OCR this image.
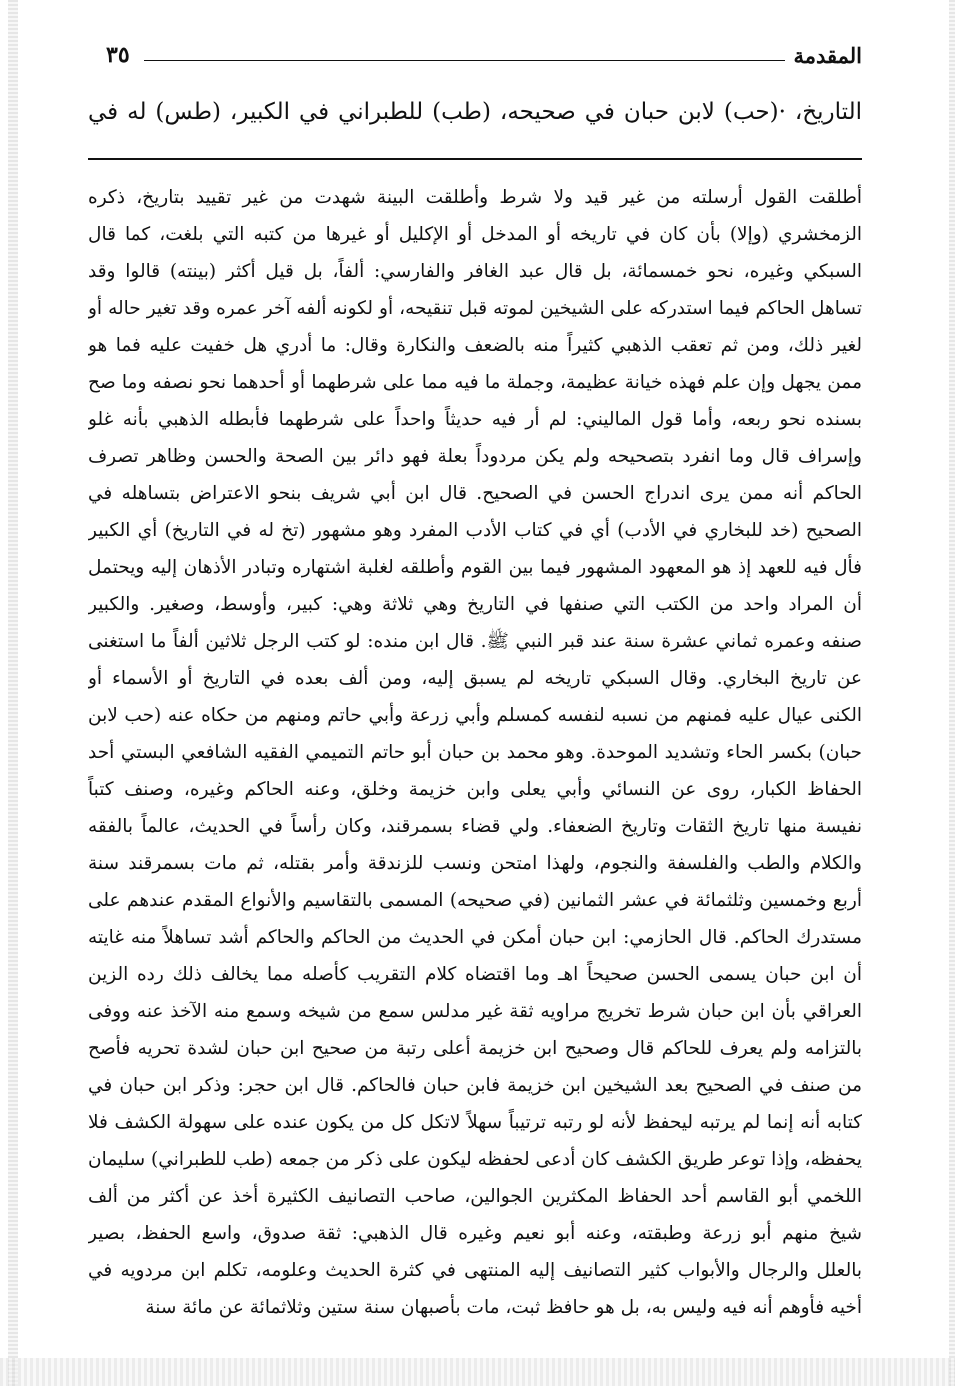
المقدمة
٣٥
التاريخ، ·(حب) لابن حبان في صحيحه، (طب) للطبراني في الكبير، (طس) له في
أطلقت القول أرسلته من غير قيد ولا شرط وأطلقت البينة شهدت من غير تقييد بتاريخ، ذكره
الزمخشري (وإلا) بأن كان في تاريخه أو المدخل أو الإكليل أو غيرها من كتبه التي بلغت، كما قال
السبكي وغيره، نحو خمسمائة، بل قال عبد الغافر والفارسي: ألفاً، بل قيل أكثر (بينته) قالوا وقد
تساهل الحاكم فيما استدركه على الشيخين لموته قبل تنقيحه، أو لكونه ألفه آخر عمره وقد تغير حاله أو
لغير ذلك، ومن ثم تعقب الذهبي كثيراً منه بالضعف والنكارة وقال: ما أدري هل خفيت عليه فما هو
ممن يجهل وإن علم فهذه خيانة عظيمة، وجملة ما فيه مما على شرطهما أو أحدهما نحو نصفه وما صح
بسنده نحو ربعه، وأما قول الماليني: لم أر فيه حديثاً واحداً على شرطهما فأبطله الذهبي بأنه غلو
وإسراف قال وما انفرد بتصحيحه ولم يكن مردوداً بعلة فهو دائر بين الصحة والحسن وظاهر تصرف
الحاكم أنه ممن يرى اندراج الحسن في الصحيح. قال ابن أبي شريف بنحو الاعتراض بتساهله في
الصحيح (خد للبخاري في الأدب) أي في كتاب الأدب المفرد وهو مشهور (تخ له في التاريخ) أي الكبير
فأل فيه للعهد إذ هو المعهود المشهور فيما بين القوم وأطلقه لغلبة اشتهاره وتبادر الأذهان إليه ويحتمل
أن المراد واحد من الكتب التي صنفها في التاريخ وهي ثلاثة وهي: كبير، وأوسط، وصغير. والكبير
صنفه وعمره ثماني عشرة سنة عند قبر النبي ﷺ. قال ابن منده: لو كتب الرجل ثلاثين ألفاً ما استغنى
عن تاريخ البخاري. وقال السبكي تاريخه لم يسبق إليه، ومن ألف بعده في التاريخ أو الأسماء أو
الكنى عيال عليه فمنهم من نسبه لنفسه كمسلم وأبي زرعة وأبي حاتم ومنهم من حكاه عنه (حب لابن
حبان) بكسر الحاء وتشديد الموحدة. وهو محمد بن حبان أبو حاتم التميمي الفقيه الشافعي البستي أحد
الحفاظ الكبار، روى عن النسائي وأبي يعلى وابن خزيمة وخلق، وعنه الحاكم وغيره، وصنف كتباً
نفيسة منها تاريخ الثقات وتاريخ الضعفاء. ولي قضاء بسمرقند، وكان رأساً في الحديث، عالماً بالفقه
والكلام والطب والفلسفة والنجوم، ولهذا امتحن ونسب للزندقة وأمر بقتله، ثم مات بسمرقند سنة
أربع وخمسين وثلثمائة في عشر الثمانين (في صحيحه) المسمى بالتقاسيم والأنواع المقدم عندهم على
مستدرك الحاكم. قال الحازمي: ابن حبان أمكن في الحديث من الحاكم والحاكم أشد تساهلاً منه غايته
أن ابن حبان يسمى الحسن صحيحاً اهـ وما اقتضاه كلام التقريب كأصله مما يخالف ذلك رده الزين
العراقي بأن ابن حبان شرط تخريج مراويه ثقة غير مدلس سمع من شيخه وسمع منه الآخذ عنه ووفى
بالتزامه ولم يعرف للحاكم قال وصحيح ابن خزيمة أعلى رتبة من صحيح ابن حبان لشدة تحريه فأصح
من صنف في الصحيح بعد الشيخين ابن خزيمة فابن حبان فالحاكم. قال ابن حجر: وذكر ابن حبان في
كتابه أنه إنما لم يرتبه ليحفظ لأنه لو رتبه ترتيباً سهلاً لاتكل كل من يكون عنده على سهولة الكشف فلا
يحفظه، وإذا توعر طريق الكشف كان أدعى لحفظه ليكون على ذكر من جمعه (طب للطبراني) سليمان
اللخمي أبو القاسم أحد الحفاظ المكثرين الجوالين، صاحب التصانيف الكثيرة أخذ عن أكثر من ألف
شيخ منهم أبو زرعة وطبقته، وعنه أبو نعيم وغيره قال الذهبي: ثقة صدوق، واسع الحفظ، بصير
بالعلل والرجال والأبواب كثير التصانيف إليه المنتهى في كثرة الحديث وعلومه، تكلم ابن مردويه في
أخيه فأوهم أنه فيه وليس به، بل هو حافظ ثبت، مات بأصبهان سنة ستين وثلاثمائة عن مائة سنة
